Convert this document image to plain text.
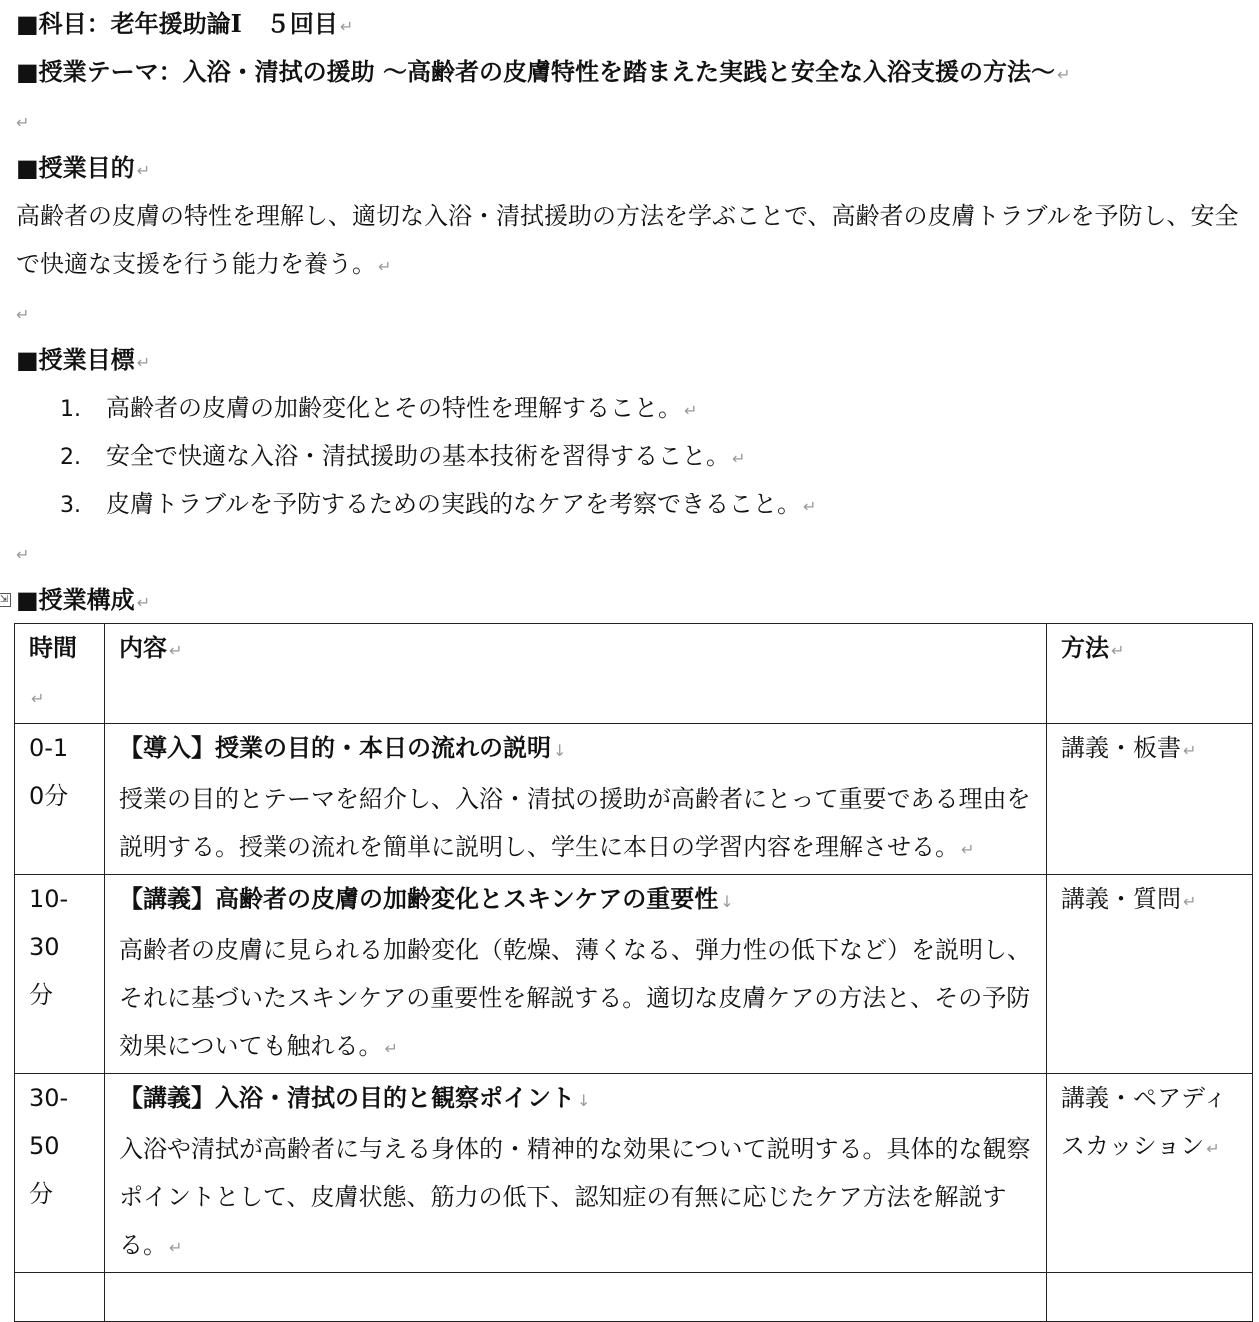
■科目：老年援助論Ⅰ　５回目 ↵
■授業テーマ：入浴・清拭の援助 ～高齢者の皮膚特性を踏まえた実践と安全な入浴支援の方法～ ↵
↵
■授業目的 ↵

高齢者の皮膚の特性を理解し、適切な入浴・清拭援助の方法を学ぶことで、高齢者の皮膚トラブルを予防し、安全で快適な支援を行う能力を養う。 ↵

↵
■授業目標 ↵
1. 高齢者の皮膚の加齢変化とその特性を理解すること。 ↵
2. 安全で快適な入浴・清拭援助の基本技術を習得すること。 ↵
3. 皮膚トラブルを予防するための実践的なケアを考察できること。 ↵
↵
⇲ ■授業構成 ↵
時間↵	内容 ↵	方法 ↵

0-10分	【導入】授業の目的・本日の流れの説明 ↓
授業の目的とテーマを紹介し、入浴・清拭の援助が高齢者にとって重要である理由を説明する。授業の流れを簡単に説明し、学生に本日の学習内容を理解させる。 ↵	講義・板書 ↵

10-30分	【講義】高齢者の皮膚の加齢変化とスキンケアの重要性 ↓
高齢者の皮膚に見られる加齢変化（乾燥、薄くなる、弾力性の低下など）を説明し、それに基づいたスキンケアの重要性を解説する。適切な皮膚ケアの方法と、その予防効果についても触れる。 ↵	講義・質問 ↵

30-50分	【講義】入浴・清拭の目的と観察ポイント ↓
入浴や清拭が高齢者に与える身体的・精神的な効果について説明する。具体的な観察ポイントとして、皮膚状態、筋力の低下、認知症の有無に応じたケア方法を解説する。 ↵	講義・ペアディスカッション ↵
